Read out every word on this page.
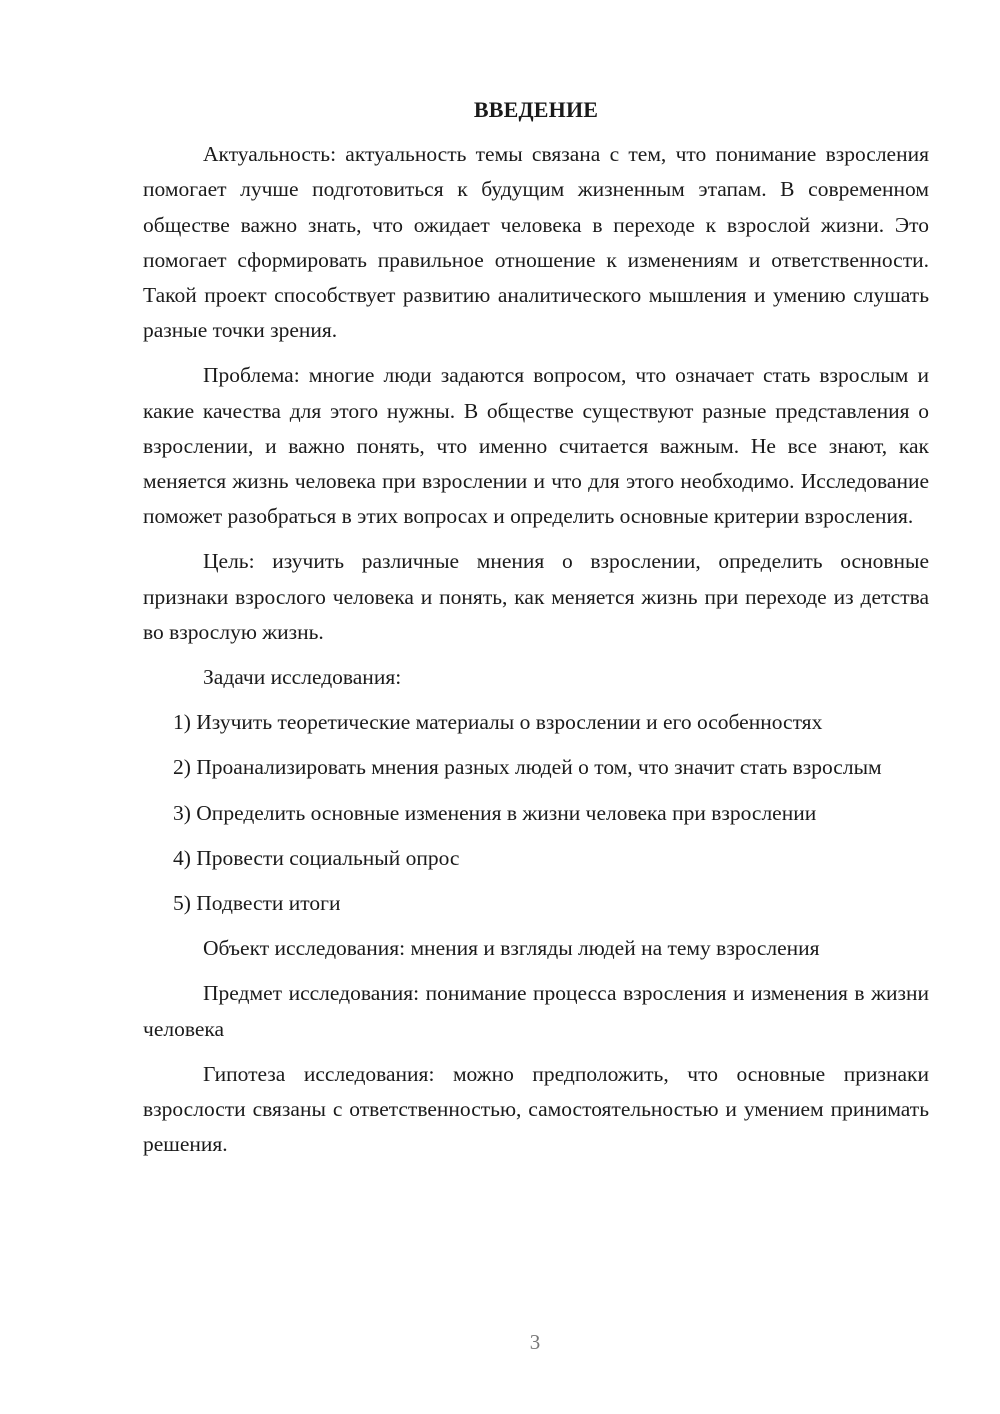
ВВЕДЕНИЕ

Актуальность: актуальность темы связана с тем, что понимание взросления помогает лучше подготовиться к будущим жизненным этапам. В современном обществе важно знать, что ожидает человека в переходе к взрослой жизни. Это помогает сформировать правильное отношение к изменениям и ответственности. Такой проект способствует развитию аналитического мышления и умению слушать разные точки зрения.

Проблема: многие люди задаются вопросом, что означает стать взрослым и какие качества для этого нужны. В обществе существуют разные представления о взрослении, и важно понять, что именно считается важным. Не все знают, как меняется жизнь человека при взрослении и что для этого необходимо. Исследование поможет разобраться в этих вопросах и определить основные критерии взросления.

Цель: изучить различные мнения о взрослении, определить основные признаки взрослого человека и понять, как меняется жизнь при переходе из детства во взрослую жизнь.

Задачи исследования:

1) Изучить теоретические материалы о взрослении и его особенностях

2) Проанализировать мнения разных людей о том, что значит стать взрослым

3) Определить основные изменения в жизни человека при взрослении

4) Провести социальный опрос

5) Подвести итоги

Объект исследования: мнения и взгляды людей на тему взросления

Предмет исследования: понимание процесса взросления и изменения в жизни человека

Гипотеза исследования: можно предположить, что основные признаки взрослости связаны с ответственностью, самостоятельностью и умением принимать решения.

3
